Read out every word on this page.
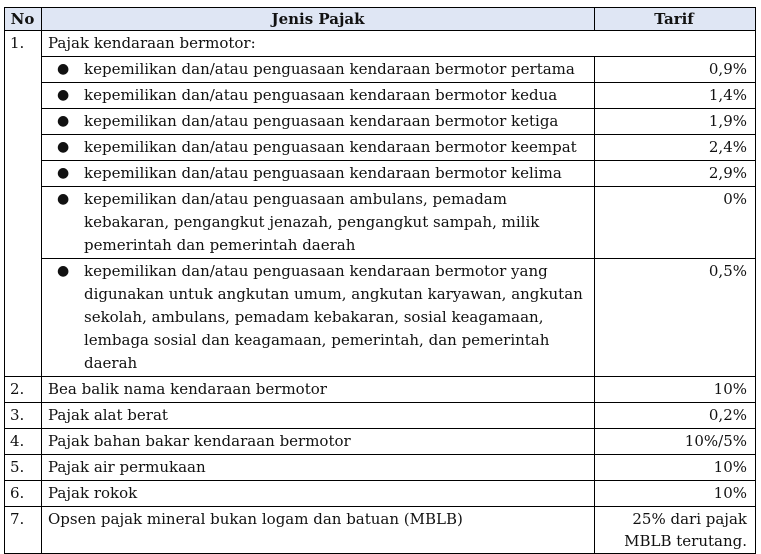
No	Jenis Pajak	Tarif
1.	Pajak kendaraan bermotor:	

	● kepemilikan dan/atau penguasaan kendaraan bermotor pertama	0,9%

	● kepemilikan dan/atau penguasaan kendaraan bermotor kedua	1,4%

	● kepemilikan dan/atau penguasaan kendaraan bermotor ketiga	1,9%

	● kepemilikan dan/atau penguasaan kendaraan bermotor keempat	2,4%

	● kepemilikan dan/atau penguasaan kendaraan bermotor kelima	2,9%

	● kepemilikan dan/atau penguasaan ambulans, pemadam kebakaran, pengangkut jenazah, pengangkut sampah, milik pemerintah dan pemerintah daerah	0%

	● kepemilikan dan/atau penguasaan kendaraan bermotor yang digunakan untuk angkutan umum, angkutan karyawan, angkutan sekolah, ambulans, pemadam kebakaran, sosial keagamaan, lembaga sosial dan keagamaan, pemerintah, dan pemerintah daerah	0,5%
2.	Bea balik nama kendaraan bermotor	10%
3.	Pajak alat berat	0,2%
4.	Pajak bahan bakar kendaraan bermotor	10%/5%
5.	Pajak air permukaan	10%
6.	Pajak rokok	10%
7.	Opsen pajak mineral bukan logam dan batuan (MBLB)	25% dari pajak MBLB terutang.
